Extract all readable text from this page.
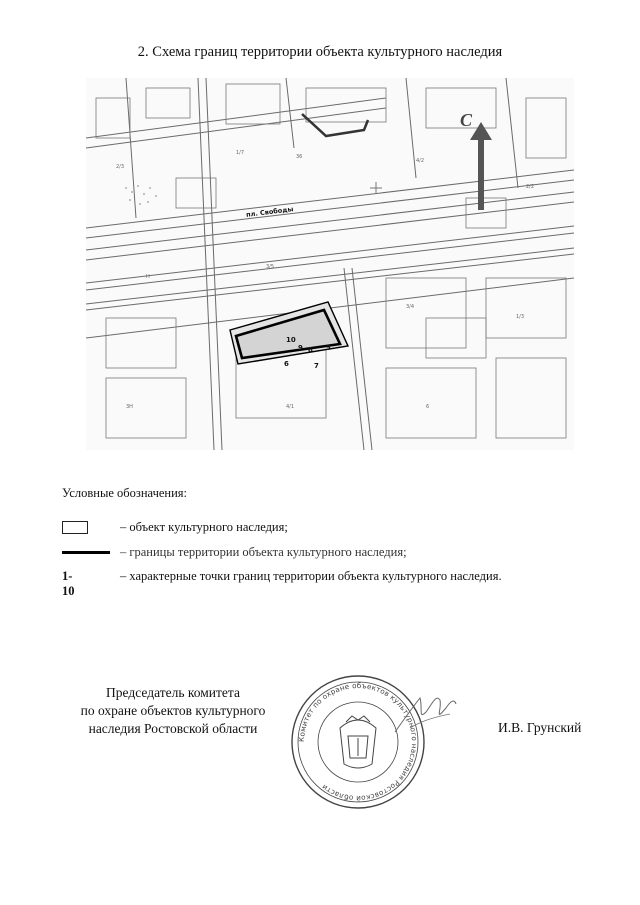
2. Схема границ территории объекта культурного наследия
2/3
1/7
36
4/2
2/2
Н
3/5
3/4
1/3
4/1	6
3Н
пл. Свободы
С
10
9 8 5
7
6
Условные обозначения:
– объект культурного наследия;
– границы территории объекта культурного наследия;
1-10
– характерные точки границ территории объекта культурного наследия.
Председатель комитета
по охране объектов культурного
наследия Ростовской области
Комитет по охране объектов культурного наследия Ростовской области
И.В. Грунский
